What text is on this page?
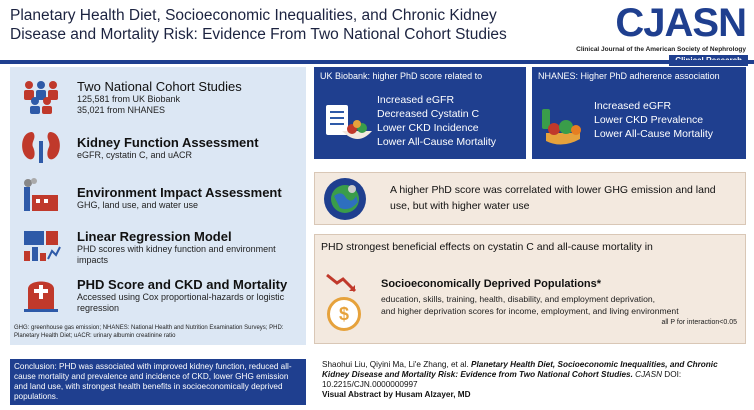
Planetary Health Diet, Socioeconomic Inequalities, and Chronic Kidney Disease and Mortality Risk: Evidence From Two National Cohort Studies	CJASN
Clinical Journal of the American Society of Nephrology
Two National Cohort Studies
125,581 from UK Biobank
35,021 from NHANES
Kidney Function Assessment
eGFR, cystatin C, and uACR
Environment Impact Assessment
GHG, land use, and water use
Linear Regression Model
PHD scores with kidney function and environment impacts
PHD Score and CKD and Mortality
Accessed using Cox proportional-hazards or logistic regression
GHG: greenhouse gas emission; NHANES: National Health and Nutrition Examination Surveys; PHD: Planetary Health Diet; uACR: urinary albumin creatinine ratio
UK Biobank: higher PhD score related to
Increased eGFR
Decreased Cystatin C
Lower CKD Incidence
Lower All-Cause Mortality
NHANES: Higher PhD adherence association
Increased eGFR
Lower CKD Prevalence
Lower All-Cause Mortality
A higher PhD score was correlated with lower GHG emission and land use, but with higher water use
PHD strongest beneficial effects on cystatin C and all-cause mortality in
$
Socioeconomically Deprived Populations*
education, skills, training, health, disability, and employment deprivation,
and higher deprivation scores for income, employment, and living environment
all P for interaction<0.05
Conclusion: PHD was associated with improved kidney function, reduced all-cause mortality and prevalence and incidence of CKD, lower GHG emission and land use, with strongest health benefits in socioeconomically deprived populations.
Shaohui Liu, Qiyini Ma, Li'e Zhang, et al. Planetary Health Diet, Socioeconomic Inequalities, and Chronic Kidney Disease and Mortality Risk: Evidence from Two National Cohort Studies. CJASN DOI: 10.2215/CJN.0000000997
Visual Abstract by Husam Alzayer, MD
